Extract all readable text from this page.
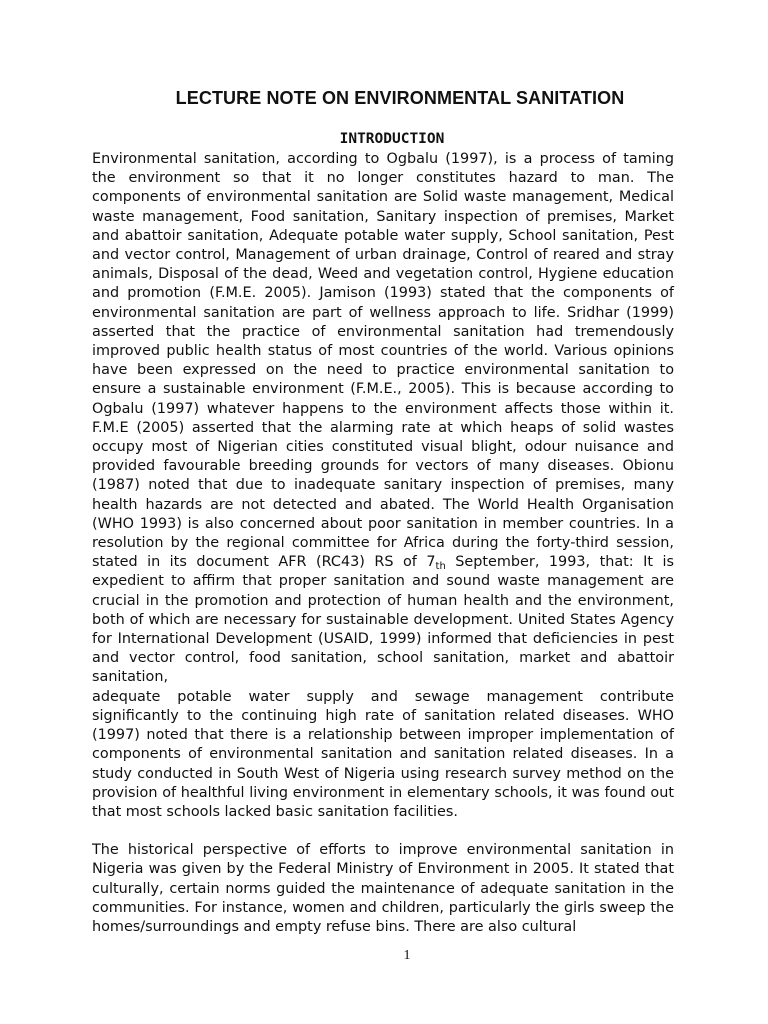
LECTURE NOTE ON ENVIRONMENTAL SANITATION
INTRODUCTION

Environmental sanitation, according to Ogbalu (1997), is a process of taming the environment so that it no longer constitutes hazard to man. The components of environmental sanitation are Solid waste management, Medical waste management, Food sanitation, Sanitary inspection of premises, Market and abattoir sanitation, Adequate potable water supply, School sanitation, Pest and vector control, Management of urban drainage, Control of reared and stray animals, Disposal of the dead, Weed and vegetation control, Hygiene education and promotion (F.M.E. 2005). Jamison (1993) stated that the components of environmental sanitation are part of wellness approach to life. Sridhar (1999) asserted that the practice of environmental sanitation had tremendously improved public health status of most countries of the world. Various opinions have been expressed on the need to practice environmental sanitation to ensure a sustainable environment (F.M.E., 2005). This is because according to Ogbalu (1997) whatever happens to the environment affects those within it. F.M.E (2005) asserted that the alarming rate at which heaps of solid wastes occupy most of Nigerian cities constituted visual blight, odour nuisance and provided favourable breeding grounds for vectors of many diseases. Obionu (1987) noted that due to inadequate sanitary inspection of premises, many health hazards are not detected and abated. The World Health Organisation (WHO 1993) is also concerned about poor sanitation in member countries. In a resolution by the regional committee for Africa during the forty-third session, stated in its document AFR (RC43) RS of 7th September, 1993, that: It is expedient to affirm that proper sanitation and sound waste management are crucial in the promotion and protection of human health and the environment, both of which are necessary for sustainable development. United States Agency for International Development (USAID, 1999) informed that deficiencies in pest and vector control, food sanitation, school sanitation, market and abattoir sanitation,

adequate potable water supply and sewage management contribute significantly to the continuing high rate of sanitation related diseases. WHO (1997) noted that there is a relationship between improper implementation of components of environmental sanitation and sanitation related diseases. In a study conducted in South West of Nigeria using research survey method on the provision of healthful living environment in elementary schools, it was found out that most schools lacked basic sanitation facilities.

The historical perspective of efforts to improve environmental sanitation in Nigeria was given by the Federal Ministry of Environment in 2005. It stated that culturally, certain norms guided the maintenance of adequate sanitation in the communities. For instance, women and children, particularly the girls sweep the homes/surroundings and empty refuse bins. There are also cultural

1
